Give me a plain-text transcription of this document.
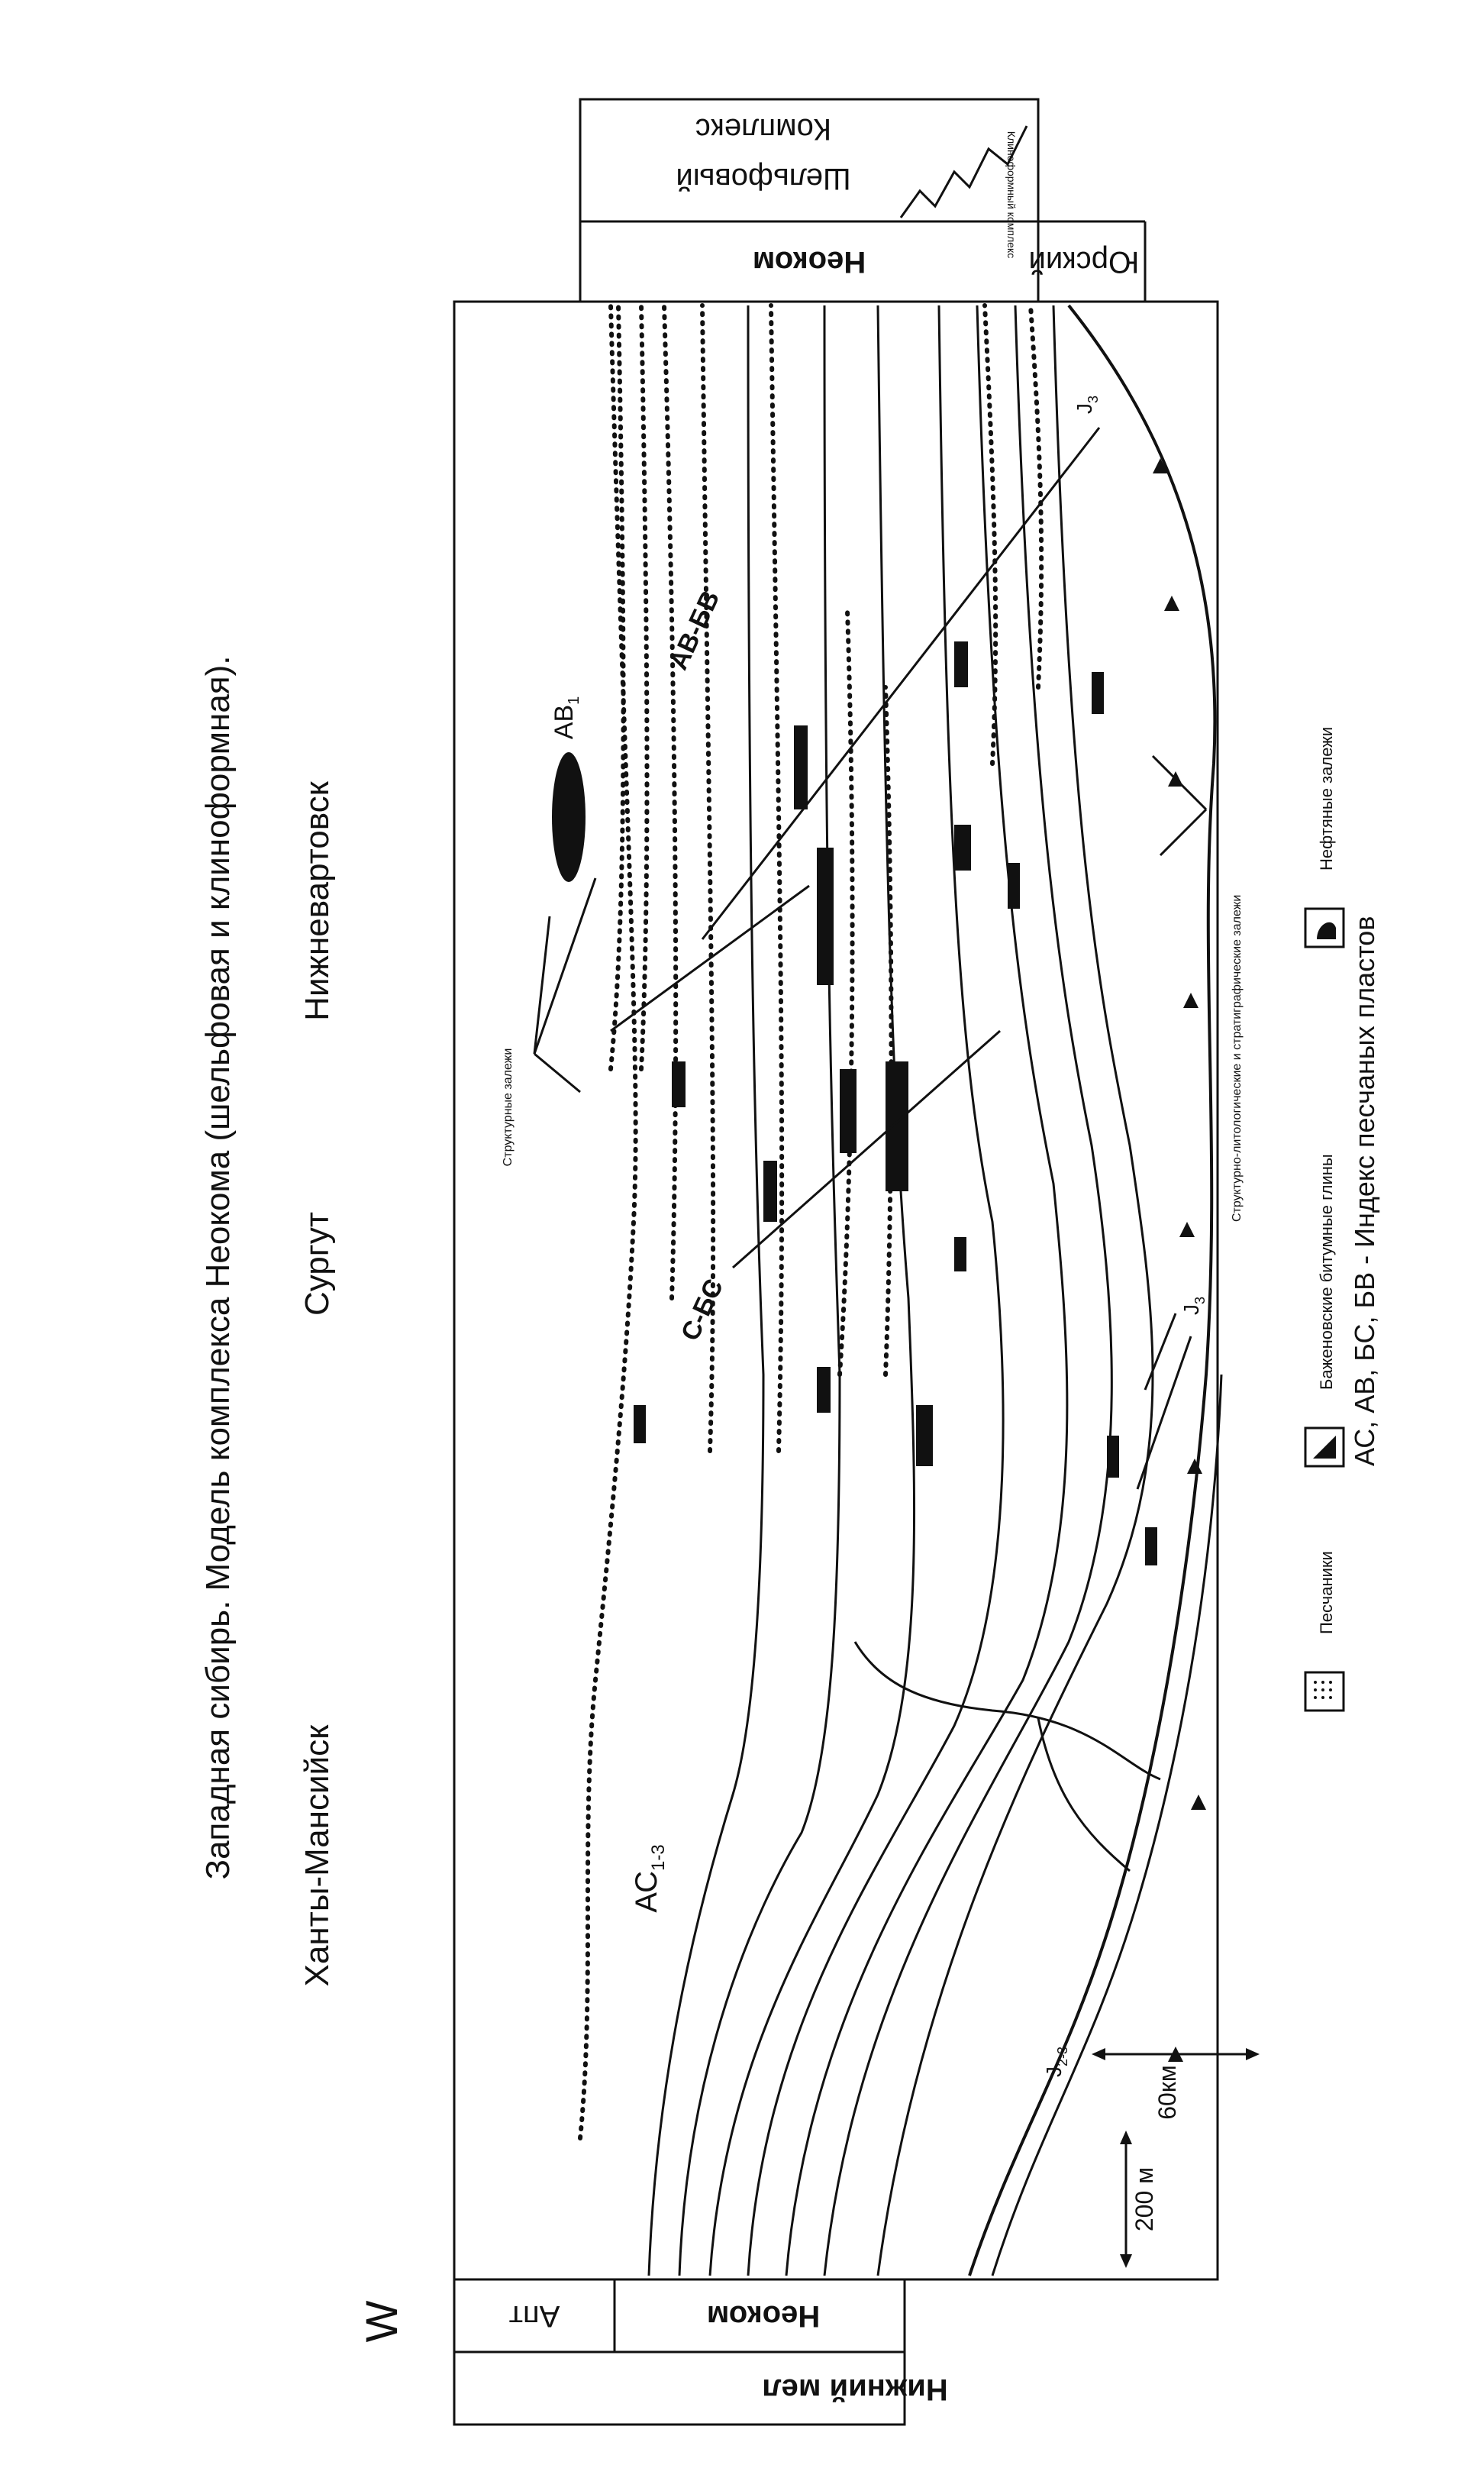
Западная сибирь. Модель комплекса Неокома (шельфовая и клиноформная). Ханты-Мансийск
Сургут
Нижневартовск
W
Нижний мел
Неоком
Апт
Неоком	Юрский
Шельфовый
Комплекс
Клиноформный комплекс
$АС_{1-3}$
$АВ_1$
АВ-БВ
С-БС
$J_{2-3}$
$J_3$
$J_3$
Структурные залежи
200 м
60км
Песчаники
Баженовские битумные глины АС, АВ, БС, БВ - Индекс песчаных пластов
Нефтяные залежи
Структурно-литологические и стратиграфические залежи
